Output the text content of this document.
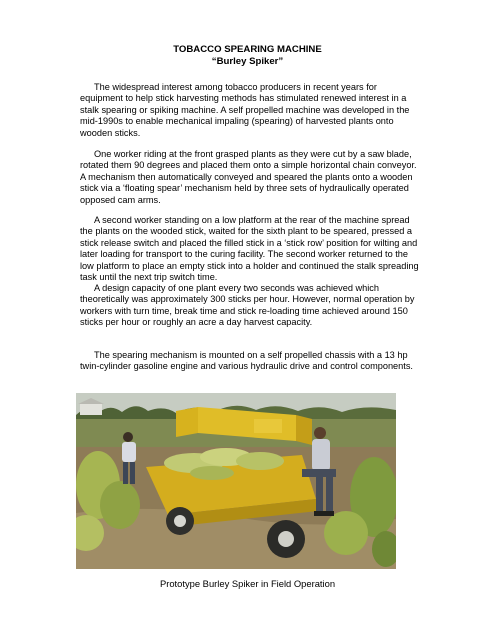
TOBACCO SPEARING MACHINE
“Burley Spiker”
The widespread interest among tobacco producers in recent years for equipment to help stick harvesting methods has stimulated renewed interest in a stalk spearing or spiking machine. A self propelled machine was developed in the mid-1990s to enable mechanical impaling (spearing) of harvested plants onto wooden sticks.
One worker riding at the front grasped plants as they were cut by a saw blade, rotated them 90 degrees and placed them onto a simple horizontal chain conveyor. A mechanism then automatically conveyed and speared the plants onto a wooden stick via a ‘floating spear’ mechanism held by three sets of hydraulically operated opposed cam arms.
A second worker standing on a low platform at the rear of the machine spread the plants on the wooded stick, waited for the sixth plant to be speared, pressed a stick release switch and placed the filled stick in a ‘stick row’ position for wilting and later loading for transport to the curing facility. The second worker returned to the low platform to place an empty stick into a holder and continued the stalk spreading task until the next trip switch time.
A design capacity of one plant every two seconds was achieved which theoretically was approximately 300 sticks per hour. However, normal operation by workers with turn time, break time and stick re-loading time achieved around 150 sticks per hour or roughly an acre a day harvest capacity.
The spearing mechanism is mounted on a self propelled chassis with a 13 hp twin-cylinder gasoline engine and various hydraulic drive and control components.
Prototype Burley Spiker in Field Operation
